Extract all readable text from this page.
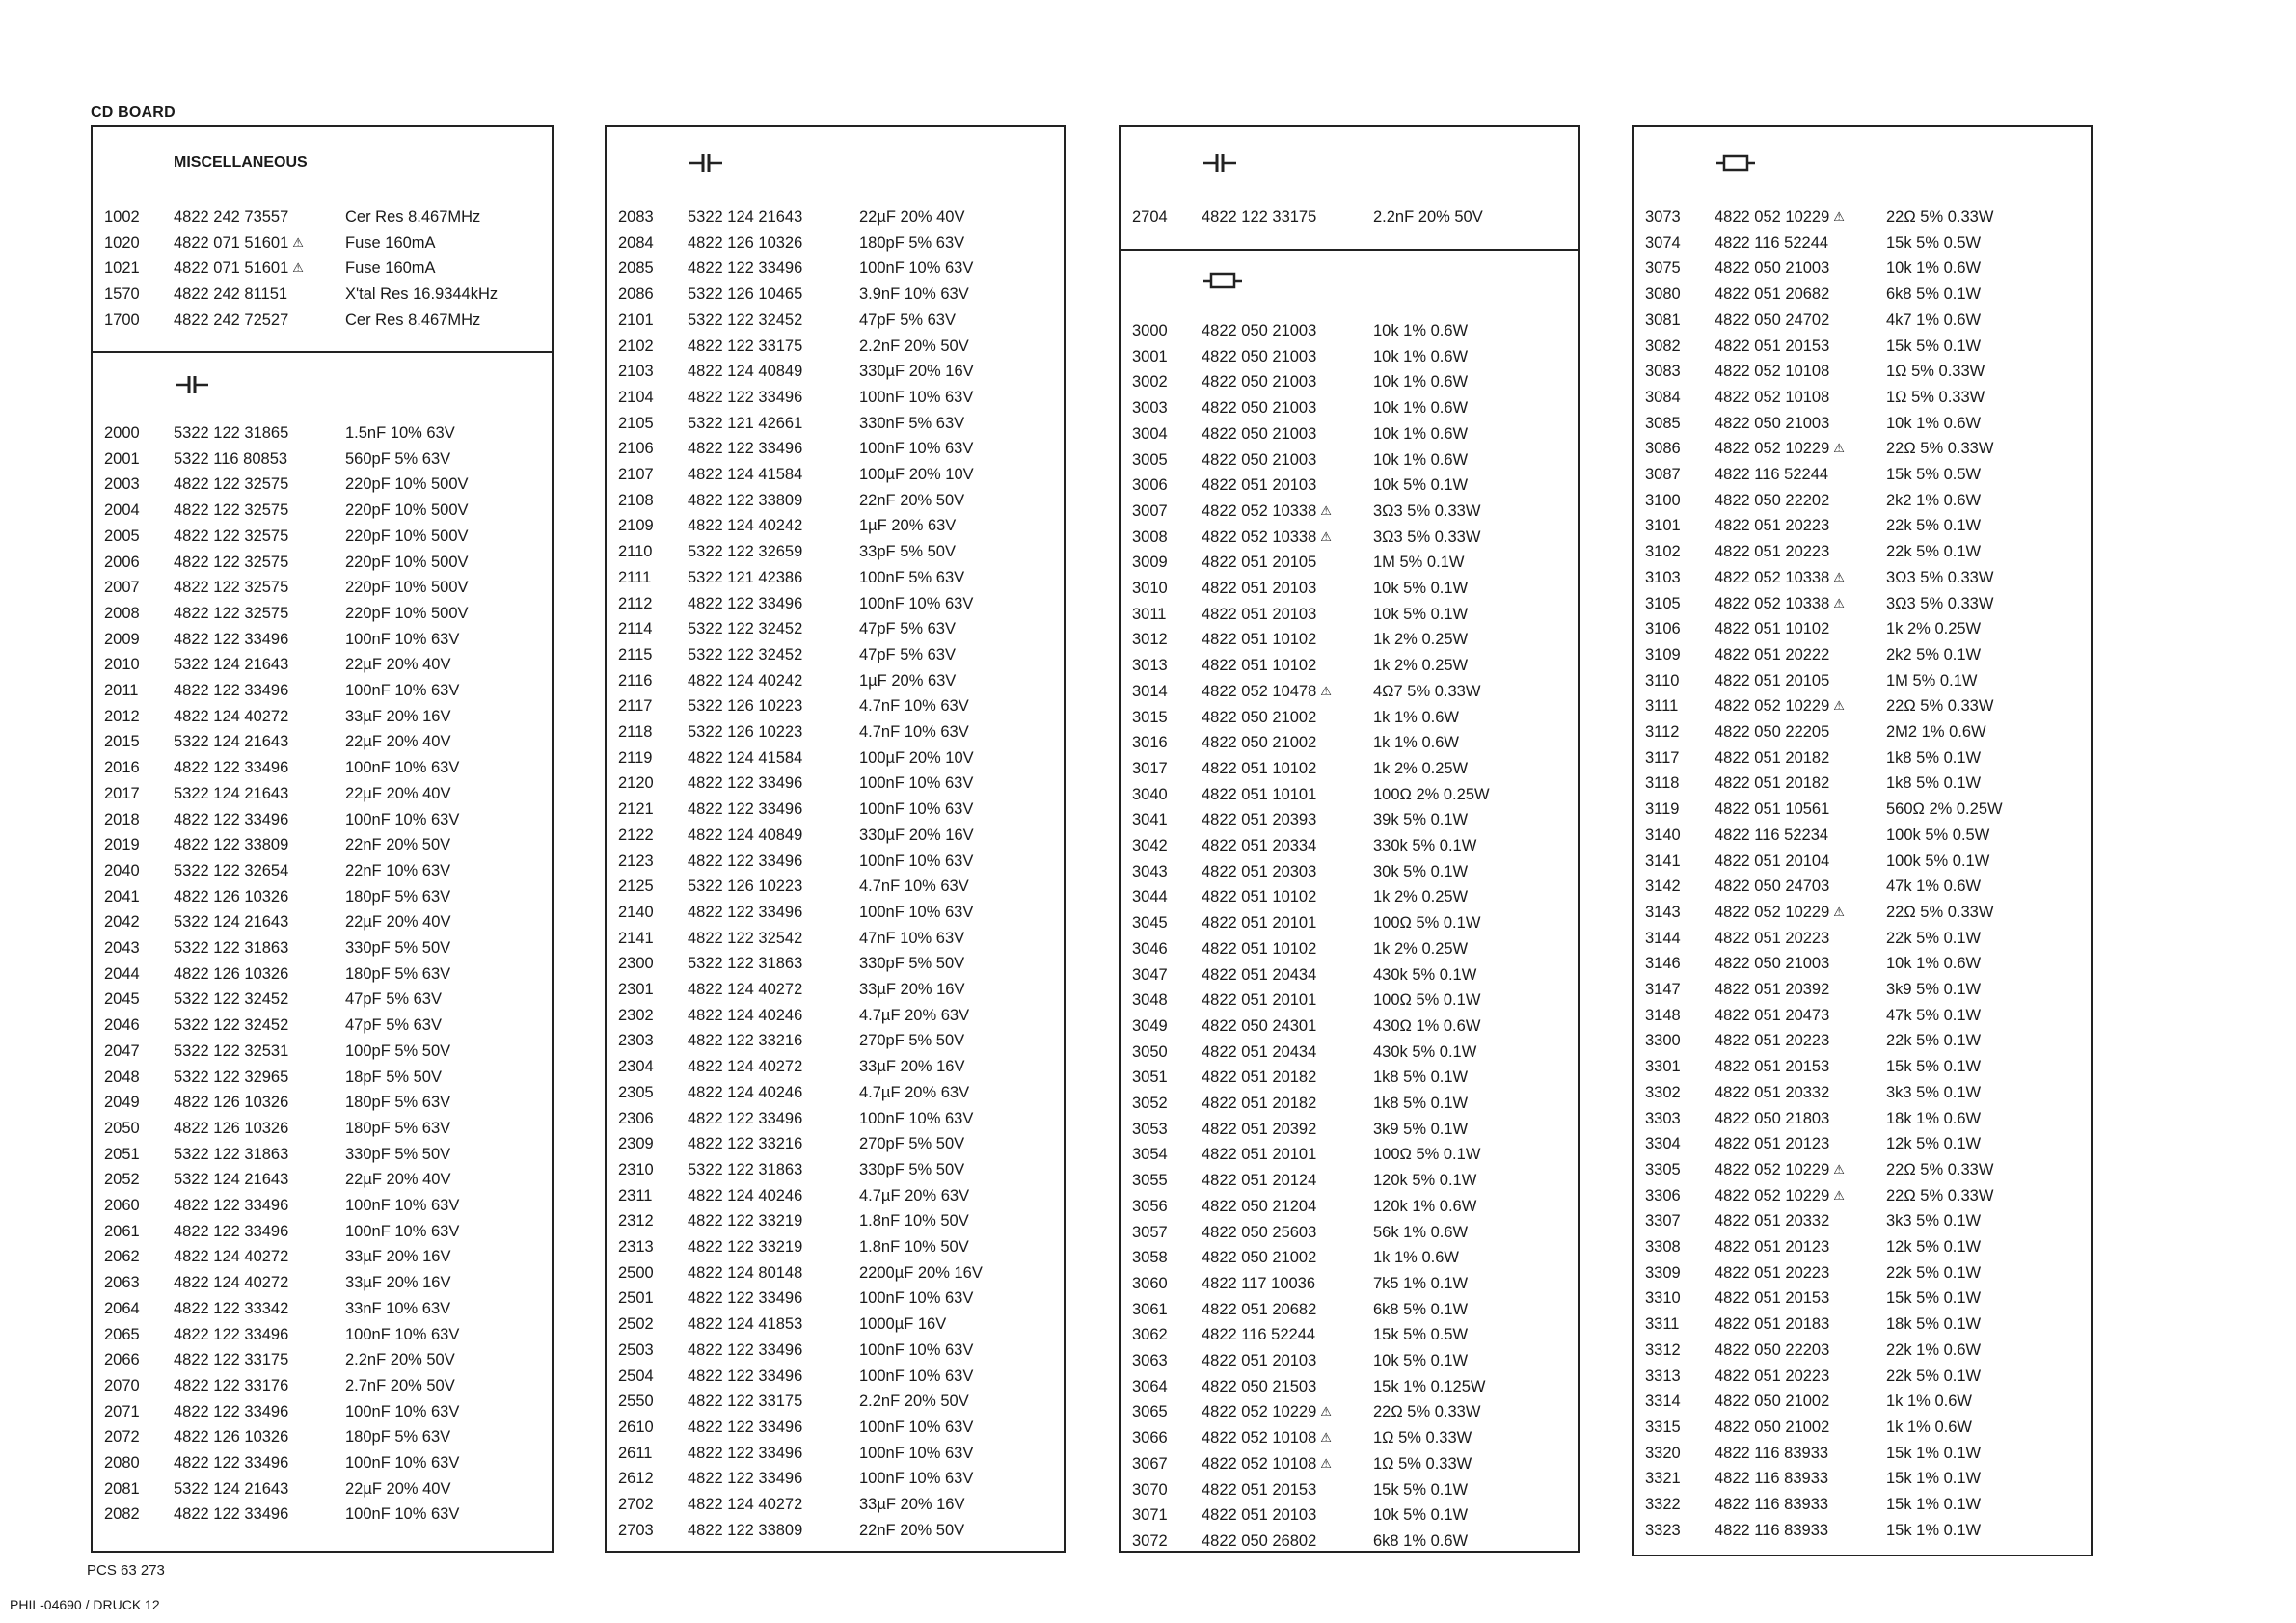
CD BOARD
MISCELLANEOUS
1002 4822 242 73557	Cer Res 8.467MHz
1020 4822 071 51601 ⚠	Fuse 160mA
1021 4822 071 51601 ⚠	Fuse 160mA
1570 4822 242 81151	X'tal Res 16.9344kHz
1700 4822 242 72527	Cer Res 8.467MHz
2000 5322 122 31865	1.5nF 10% 63V
2001 5322 116 80853	560pF 5% 63V
2003 4822 122 32575	220pF 10% 500V
2004 4822 122 32575	220pF 10% 500V
2005 4822 122 32575	220pF 10% 500V
2006 4822 122 32575	220pF 10% 500V
2007 4822 122 32575	220pF 10% 500V
2008 4822 122 32575	220pF 10% 500V
2009 4822 122 33496	100nF 10% 63V
2010 5322 124 21643	22µF 20% 40V
2011 4822 122 33496	100nF 10% 63V
2012 4822 124 40272	33µF 20% 16V
2015 5322 124 21643	22µF 20% 40V
2016 4822 122 33496	100nF 10% 63V
2017 5322 124 21643	22µF 20% 40V
2018 4822 122 33496	100nF 10% 63V
2019 4822 122 33809	22nF 20% 50V
2040 5322 122 32654	22nF 10% 63V
2041 4822 126 10326	180pF 5% 63V
2042 5322 124 21643	22µF 20% 40V
2043 5322 122 31863	330pF 5% 50V
2044 4822 126 10326	180pF 5% 63V
2045 5322 122 32452	47pF 5% 63V
2046 5322 122 32452	47pF 5% 63V
2047 5322 122 32531	100pF 5% 50V
2048 5322 122 32965	18pF 5% 50V
2049 4822 126 10326	180pF 5% 63V
2050 4822 126 10326	180pF 5% 63V
2051 5322 122 31863	330pF 5% 50V
2052 5322 124 21643	22µF 20% 40V
2060 4822 122 33496	100nF 10% 63V
2061 4822 122 33496	100nF 10% 63V
2062 4822 124 40272	33µF 20% 16V
2063 4822 124 40272	33µF 20% 16V
2064 4822 122 33342	33nF 10% 63V
2065 4822 122 33496	100nF 10% 63V
2066 4822 122 33175	2.2nF 20% 50V
2070 4822 122 33176	2.7nF 20% 50V
2071 4822 122 33496	100nF 10% 63V
2072 4822 126 10326	180pF 5% 63V
2080 4822 122 33496	100nF 10% 63V
2081 5322 124 21643	22µF 20% 40V
2082 4822 122 33496	100nF 10% 63V
2083 5322 124 21643	22µF 20% 40V
2084 4822 126 10326	180pF 5% 63V
2085 4822 122 33496	100nF 10% 63V
2086 5322 126 10465	3.9nF 10% 63V
2101 5322 122 32452	47pF 5% 63V
2102 4822 122 33175	2.2nF 20% 50V
2103 4822 124 40849	330µF 20% 16V
2104 4822 122 33496	100nF 10% 63V
2105 5322 121 42661	330nF 5% 63V
2106 4822 122 33496	100nF 10% 63V
2107 4822 124 41584	100µF 20% 10V
2108 4822 122 33809	22nF 20% 50V
2109 4822 124 40242	1µF 20% 63V
2110 5322 122 32659	33pF 5% 50V
2111 5322 121 42386	100nF 5% 63V
2112 4822 122 33496	100nF 10% 63V
2114 5322 122 32452	47pF 5% 63V
2115 5322 122 32452	47pF 5% 63V
2116 4822 124 40242	1µF 20% 63V
2117 5322 126 10223	4.7nF 10% 63V
2118 5322 126 10223	4.7nF 10% 63V
2119 4822 124 41584	100µF 20% 10V
2120 4822 122 33496	100nF 10% 63V
2121 4822 122 33496	100nF 10% 63V
2122 4822 124 40849	330µF 20% 16V
2123 4822 122 33496	100nF 10% 63V
2125 5322 126 10223	4.7nF 10% 63V
2140 4822 122 33496	100nF 10% 63V
2141 4822 122 32542	47nF 10% 63V
2300 5322 122 31863	330pF 5% 50V
2301 4822 124 40272	33µF 20% 16V
2302 4822 124 40246	4.7µF 20% 63V
2303 4822 122 33216	270pF 5% 50V
2304 4822 124 40272	33µF 20% 16V
2305 4822 124 40246	4.7µF 20% 63V
2306 4822 122 33496	100nF 10% 63V
2309 4822 122 33216	270pF 5% 50V
2310 5322 122 31863	330pF 5% 50V
2311 4822 124 40246	4.7µF 20% 63V
2312 4822 122 33219	1.8nF 10% 50V
2313 4822 122 33219	1.8nF 10% 50V
2500 4822 124 80148	2200µF 20% 16V
2501 4822 122 33496	100nF 10% 63V
2502 4822 124 41853	1000µF 16V
2503 4822 122 33496	100nF 10% 63V
2504 4822 122 33496	100nF 10% 63V
2550 4822 122 33175	2.2nF 20% 50V
2610 4822 122 33496	100nF 10% 63V
2611 4822 122 33496	100nF 10% 63V
2612 4822 122 33496	100nF 10% 63V
2702 4822 124 40272	33µF 20% 16V
2703 4822 122 33809	22nF 20% 50V
2704 4822 122 33175	2.2nF 20% 50V
3000 4822 050 21003	10k 1% 0.6W
3001 4822 050 21003	10k 1% 0.6W
3002 4822 050 21003	10k 1% 0.6W
3003 4822 050 21003	10k 1% 0.6W
3004 4822 050 21003	10k 1% 0.6W
3005 4822 050 21003	10k 1% 0.6W
3006 4822 051 20103	10k 5% 0.1W
3007 4822 052 10338 ⚠	3Ω3 5% 0.33W
3008 4822 052 10338 ⚠	3Ω3 5% 0.33W
3009 4822 051 20105	1M 5% 0.1W
3010 4822 051 20103	10k 5% 0.1W
3011 4822 051 20103	10k 5% 0.1W
3012 4822 051 10102	1k 2% 0.25W
3013 4822 051 10102	1k 2% 0.25W
3014 4822 052 10478 ⚠	4Ω7 5% 0.33W
3015 4822 050 21002	1k 1% 0.6W
3016 4822 050 21002	1k 1% 0.6W
3017 4822 051 10102	1k 2% 0.25W
3040 4822 051 10101	100Ω 2% 0.25W
3041 4822 051 20393	39k 5% 0.1W
3042 4822 051 20334	330k 5% 0.1W
3043 4822 051 20303	30k 5% 0.1W
3044 4822 051 10102	1k 2% 0.25W
3045 4822 051 20101	100Ω 5% 0.1W
3046 4822 051 10102	1k 2% 0.25W
3047 4822 051 20434	430k 5% 0.1W
3048 4822 051 20101	100Ω 5% 0.1W
3049 4822 050 24301	430Ω 1% 0.6W
3050 4822 051 20434	430k 5% 0.1W
3051 4822 051 20182	1k8 5% 0.1W
3052 4822 051 20182	1k8 5% 0.1W
3053 4822 051 20392	3k9 5% 0.1W
3054 4822 051 20101	100Ω 5% 0.1W
3055 4822 051 20124	120k 5% 0.1W
3056 4822 050 21204	120k 1% 0.6W
3057 4822 050 25603	56k 1% 0.6W
3058 4822 050 21002	1k 1% 0.6W
3060 4822 117 10036	7k5 1% 0.1W
3061 4822 051 20682	6k8 5% 0.1W
3062 4822 116 52244	15k 5% 0.5W
3063 4822 051 20103	10k 5% 0.1W
3064 4822 050 21503	15k 1% 0.125W
3065 4822 052 10229 ⚠	22Ω 5% 0.33W
3066 4822 052 10108 ⚠	1Ω 5% 0.33W
3067 4822 052 10108 ⚠	1Ω 5% 0.33W
3070 4822 051 20153	15k 5% 0.1W
3071 4822 051 20103	10k 5% 0.1W
3072 4822 050 26802	6k8 1% 0.6W
3073 4822 052 10229 ⚠	22Ω 5% 0.33W
3074 4822 116 52244	15k 5% 0.5W
3075 4822 050 21003	10k 1% 0.6W
3080 4822 051 20682	6k8 5% 0.1W
3081 4822 050 24702	4k7 1% 0.6W
3082 4822 051 20153	15k 5% 0.1W
3083 4822 052 10108	1Ω 5% 0.33W
3084 4822 052 10108	1Ω 5% 0.33W
3085 4822 050 21003	10k 1% 0.6W
3086 4822 052 10229 ⚠	22Ω 5% 0.33W
3087 4822 116 52244	15k 5% 0.5W
3100 4822 050 22202	2k2 1% 0.6W
3101 4822 051 20223	22k 5% 0.1W
3102 4822 051 20223	22k 5% 0.1W
3103 4822 052 10338 ⚠	3Ω3 5% 0.33W
3105 4822 052 10338 ⚠	3Ω3 5% 0.33W
3106 4822 051 10102	1k 2% 0.25W
3109 4822 051 20222	2k2 5% 0.1W
3110 4822 051 20105	1M 5% 0.1W
3111 4822 052 10229 ⚠	22Ω 5% 0.33W
3112 4822 050 22205	2M2 1% 0.6W
3117 4822 051 20182	1k8 5% 0.1W
3118 4822 051 20182	1k8 5% 0.1W
3119 4822 051 10561	560Ω 2% 0.25W
3140 4822 116 52234	100k 5% 0.5W
3141 4822 051 20104	100k 5% 0.1W
3142 4822 050 24703	47k 1% 0.6W
3143 4822 052 10229 ⚠	22Ω 5% 0.33W
3144 4822 051 20223	22k 5% 0.1W
3146 4822 050 21003	10k 1% 0.6W
3147 4822 051 20392	3k9 5% 0.1W
3148 4822 051 20473	47k 5% 0.1W
3300 4822 051 20223	22k 5% 0.1W
3301 4822 051 20153	15k 5% 0.1W
3302 4822 051 20332	3k3 5% 0.1W
3303 4822 050 21803	18k 1% 0.6W
3304 4822 051 20123	12k 5% 0.1W
3305 4822 052 10229 ⚠	22Ω 5% 0.33W
3306 4822 052 10229 ⚠	22Ω 5% 0.33W
3307 4822 051 20332	3k3 5% 0.1W
3308 4822 051 20123	12k 5% 0.1W
3309 4822 051 20223	22k 5% 0.1W
3310 4822 051 20153	15k 5% 0.1W
3311 4822 051 20183	18k 5% 0.1W
3312 4822 050 22203	22k 1% 0.6W
3313 4822 051 20223	22k 5% 0.1W
3314 4822 050 21002	1k 1% 0.6W
3315 4822 050 21002	1k 1% 0.6W
3320 4822 116 83933	15k 1% 0.1W
3321 4822 116 83933	15k 1% 0.1W
3322 4822 116 83933	15k 1% 0.1W
3323 4822 116 83933	15k 1% 0.1W
PCS 63 273
PHIL-04690 / DRUCK 12
